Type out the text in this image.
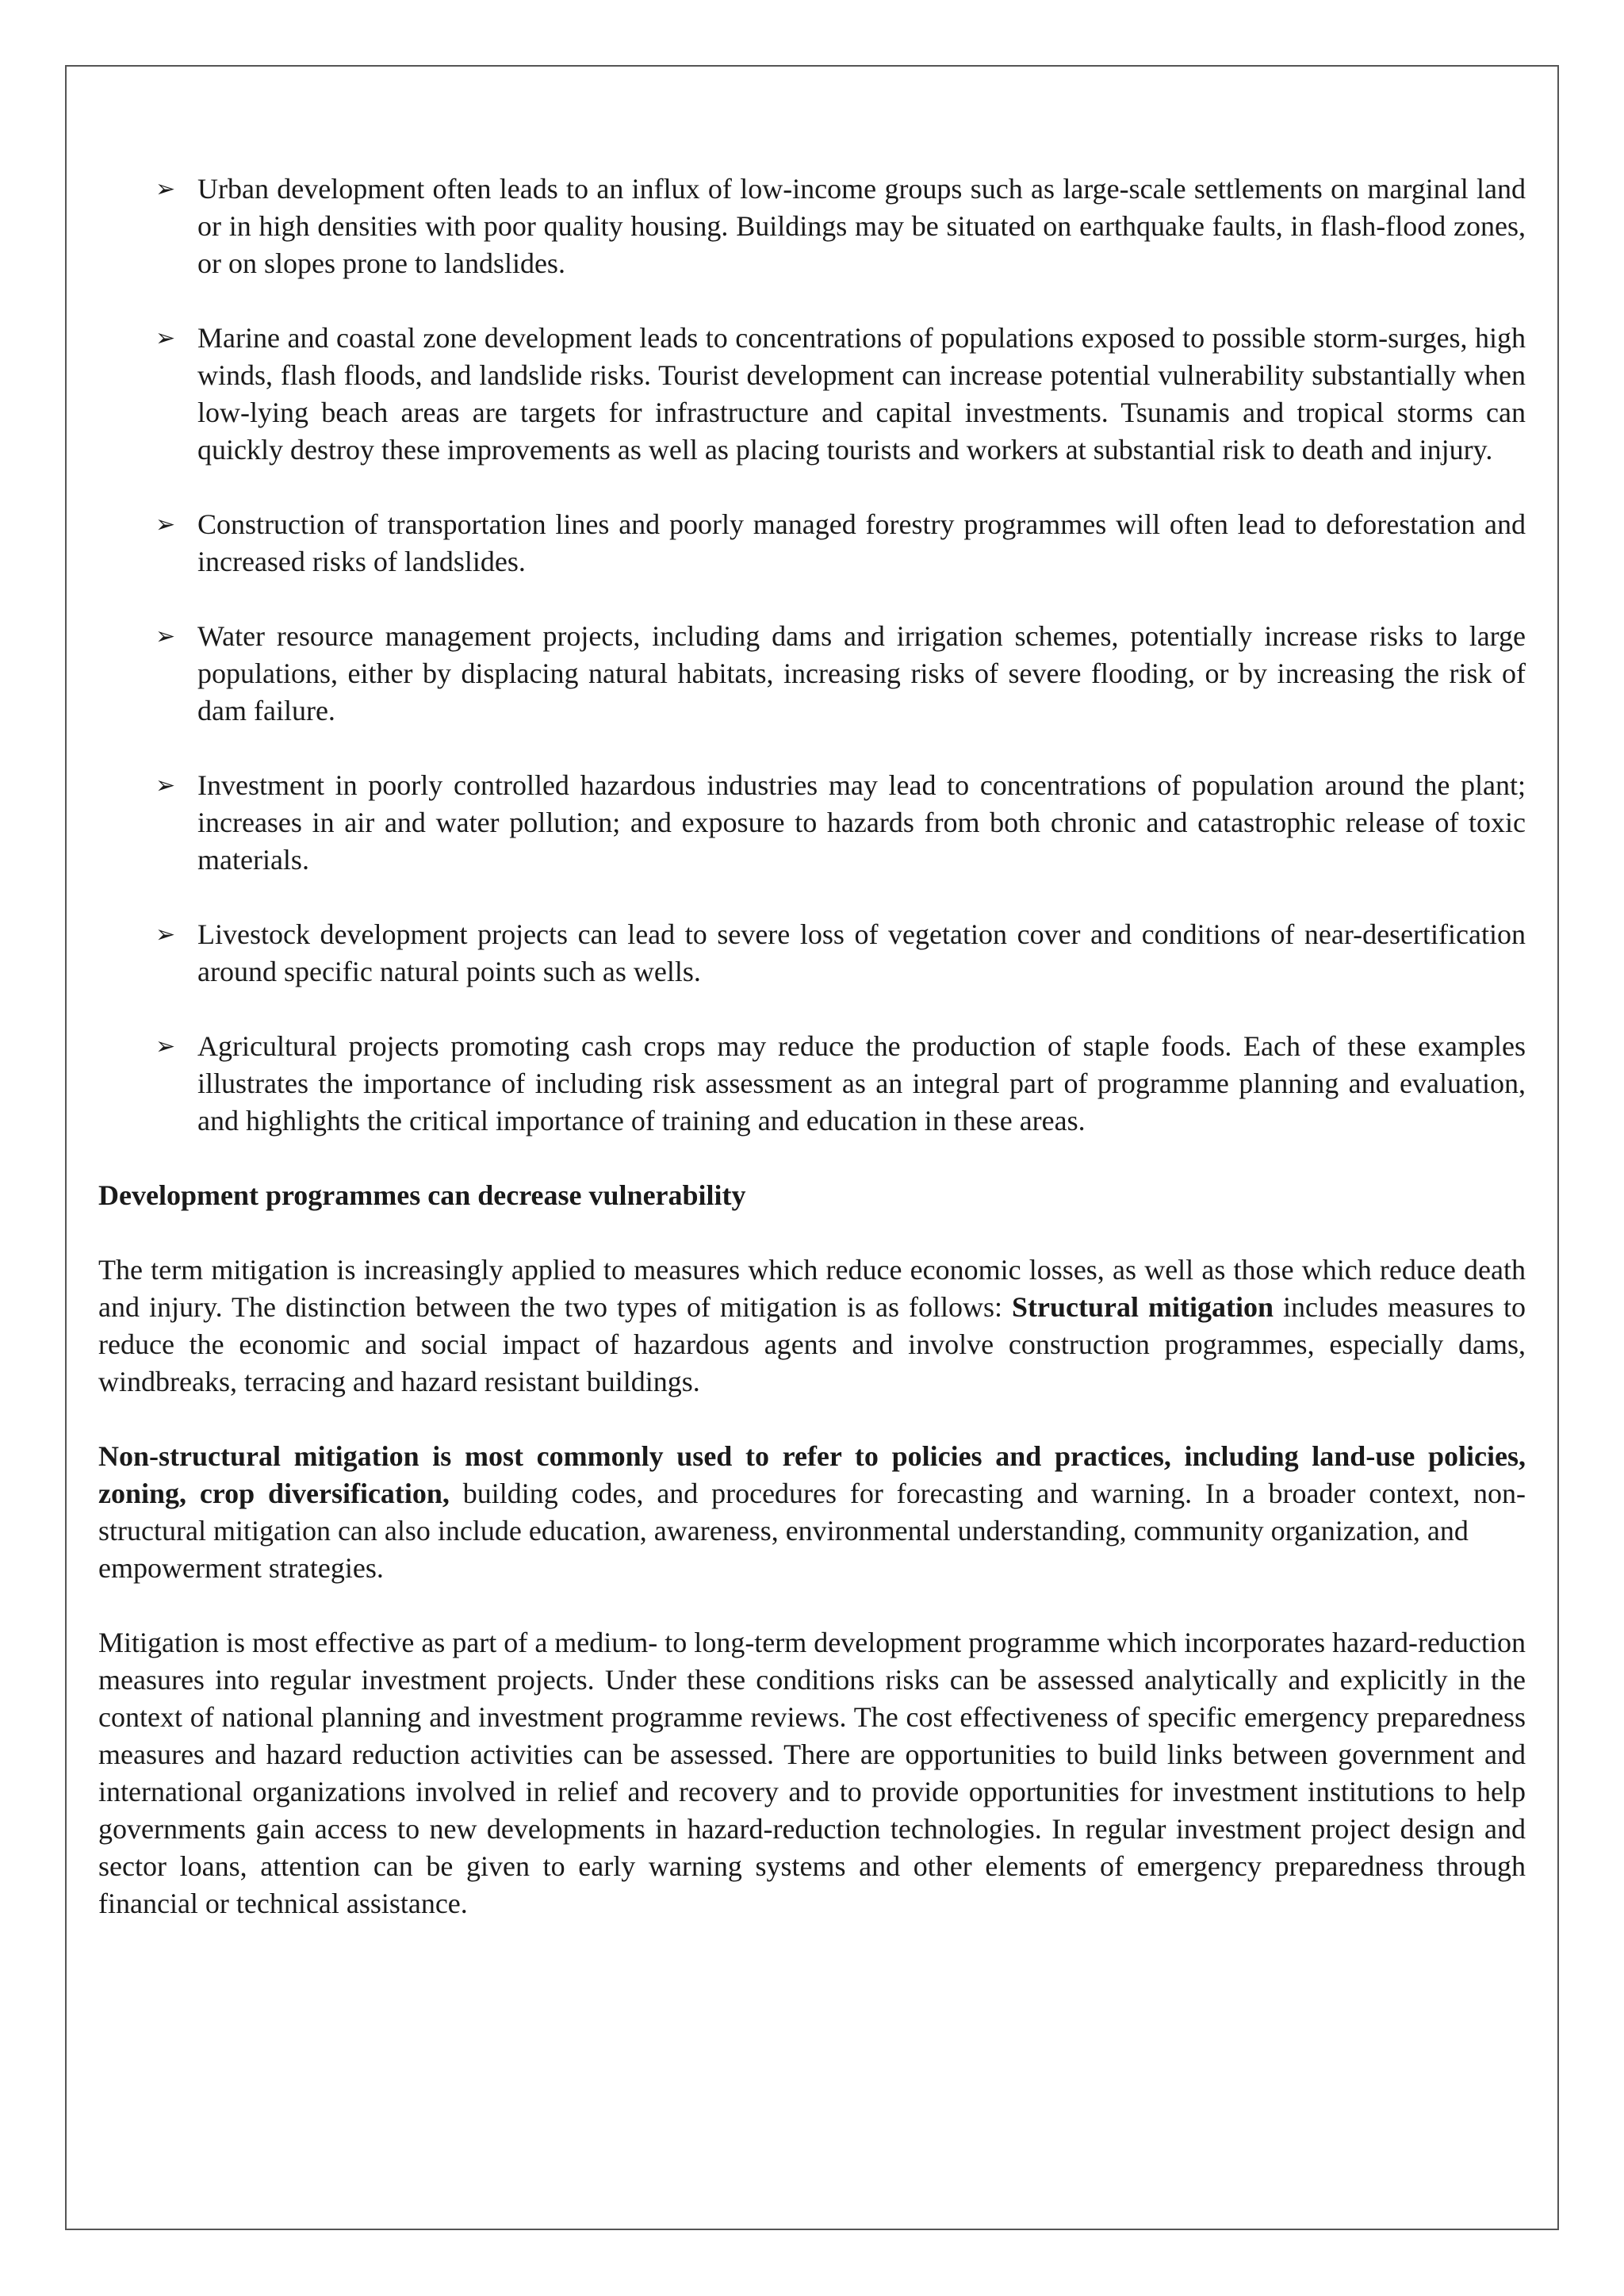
➢ Urban development often leads to an influx of low-income groups such as large-scale settlements on marginal land or in high densities with poor quality housing. Buildings may be situated on earthquake faults, in flash-flood zones, or on slopes prone to landslides.
➢ Marine and coastal zone development leads to concentrations of populations exposed to possible storm-surges, high winds, flash floods, and landslide risks. Tourist development can increase potential vulnerability substantially when low-lying beach areas are targets for infrastructure and capital investments. Tsunamis and tropical storms can quickly destroy these improvements as well as placing tourists and workers at substantial risk to death and injury.
➢ Construction of transportation lines and poorly managed forestry programmes will often lead to deforestation and increased risks of landslides.
➢ Water resource management projects, including dams and irrigation schemes, potentially increase risks to large populations, either by displacing natural habitats, increasing risks of severe flooding, or by increasing the risk of dam failure.
➢ Investment in poorly controlled hazardous industries may lead to concentrations of population around the plant; increases in air and water pollution; and exposure to hazards from both chronic and catastrophic release of toxic materials.
➢ Livestock development projects can lead to severe loss of vegetation cover and conditions of near-desertification around specific natural points such as wells.
➢ Agricultural projects promoting cash crops may reduce the production of staple foods. Each of these examples illustrates the importance of including risk assessment as an integral part of programme planning and evaluation, and highlights the critical importance of training and education in these areas.
Development programmes can decrease vulnerability

The term mitigation is increasingly applied to measures which reduce economic losses, as well as those which reduce death and injury. The distinction between the two types of mitigation is as follows: Structural mitigation includes measures to reduce the economic and social impact of hazardous agents and involve construction programmes, especially dams, windbreaks, terracing and hazard resistant buildings.

Non-structural mitigation is most commonly used to refer to policies and practices, including land-use policies, zoning, crop diversification, building codes, and procedures for forecasting and warning. In a broader context, non-structural mitigation can also include education, awareness, environmental understanding, community organization, and
empowerment strategies.

Mitigation is most effective as part of a medium- to long-term development programme which incorporates hazard-reduction measures into regular investment projects. Under these conditions risks can be assessed analytically and explicitly in the context of national planning and investment programme reviews. The cost effectiveness of specific emergency preparedness measures and hazard reduction activities can be assessed. There are opportunities to build links between government and international organizations involved in relief and recovery and to provide opportunities for investment institutions to help governments gain access to new developments in hazard-reduction technologies. In regular investment project design and sector loans, attention can be given to early warning systems and other elements of emergency preparedness through financial or technical assistance.
